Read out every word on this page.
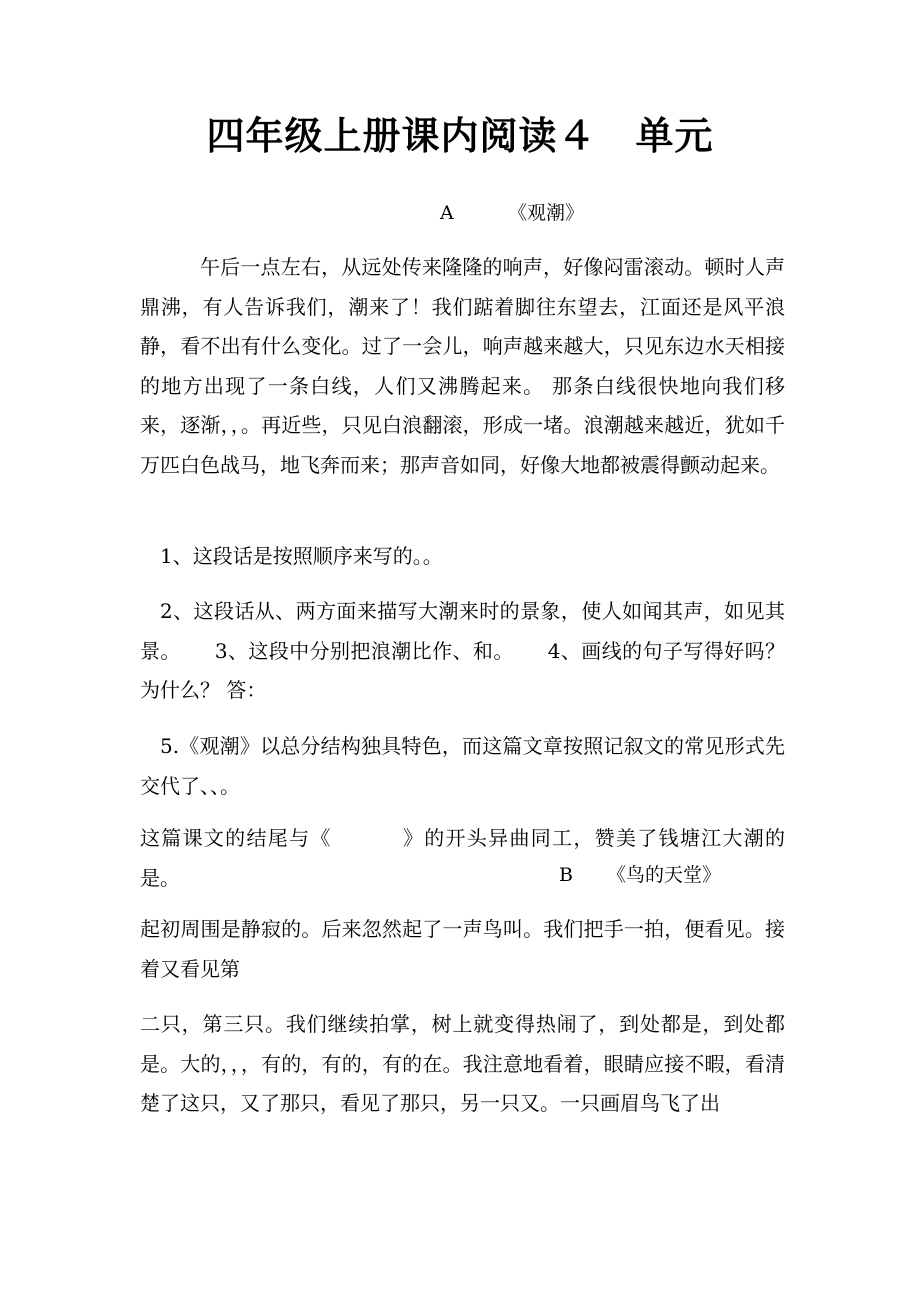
四年级上册课内阅读４　单元
A	《观潮》
午后一点左右，从远处传来隆隆的响声，好像闷雷滚动。顿时人声鼎沸，有人告诉我们，潮来了！我们踮着脚往东望去，江面还是风平浪静，看不出有什么变化。过了一会儿，响声越来越大，只见东边水天相接的地方出现了一条白线，人们又沸腾起来。 那条白线很快地向我们移来，逐渐，，。再近些，只见白浪翻滚，形成一堵。浪潮越来越近，犹如千万匹白色战马，地飞奔而来；那声音如同，好像大地都被震得颤动起来。
1、这段话是按照顺序来写的。。
2、这段话从、两方面来描写大潮来时的景象，使人如闻其声，如见其景。 3、这段中分别把浪潮比作、和。 4、画线的句子写得好吗？为什么？ 答：
5.《观潮》以总分结构独具特色，而这篇文章按照记叙文的常见形式先交代了、、。
这篇课文的结尾与《	》的开头异曲同工，赞美了钱塘江大潮的是。	B 《鸟的天堂》
起初周围是静寂的。后来忽然起了一声鸟叫。我们把手一拍，便看见。接着又看见第
二只，第三只。我们继续拍掌，树上就变得热闹了，到处都是，到处都是。大的，，，有的，有的，有的在。我注意地看着，眼睛应接不暇，看清楚了这只，又了那只，看见了那只，另一只又。一只画眉鸟飞了出
